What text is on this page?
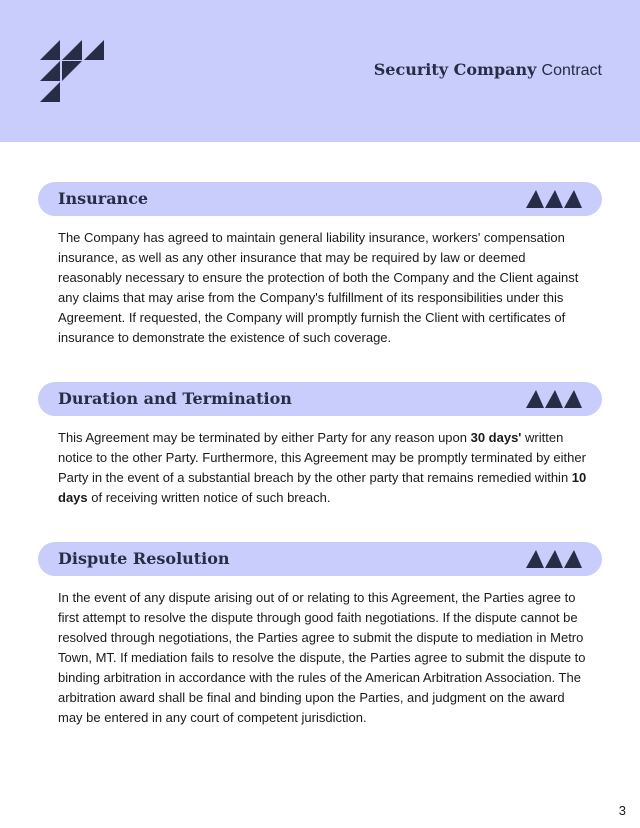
Security Company Contract
Insurance

The Company has agreed to maintain general liability insurance, workers' compensation insurance, as well as any other insurance that may be required by law or deemed reasonably necessary to ensure the protection of both the Company and the Client against any claims that may arise from the Company's fulfillment of its responsibilities under this Agreement. If requested, the Company will promptly furnish the Client with certificates of insurance to demonstrate the existence of such coverage.

Duration and Termination

This Agreement may be terminated by either Party for any reason upon 30 days' written notice to the other Party. Furthermore, this Agreement may be promptly terminated by either Party in the event of a substantial breach by the other party that remains remedied within 10 days of receiving written notice of such breach.

Dispute Resolution

In the event of any dispute arising out of or relating to this Agreement, the Parties agree to first attempt to resolve the dispute through good faith negotiations. If the dispute cannot be resolved through negotiations, the Parties agree to submit the dispute to mediation in Metro Town, MT. If mediation fails to resolve the dispute, the Parties agree to submit the dispute to binding arbitration in accordance with the rules of the American Arbitration Association. The arbitration award shall be final and binding upon the Parties, and judgment on the award may be entered in any court of competent jurisdiction.

3
